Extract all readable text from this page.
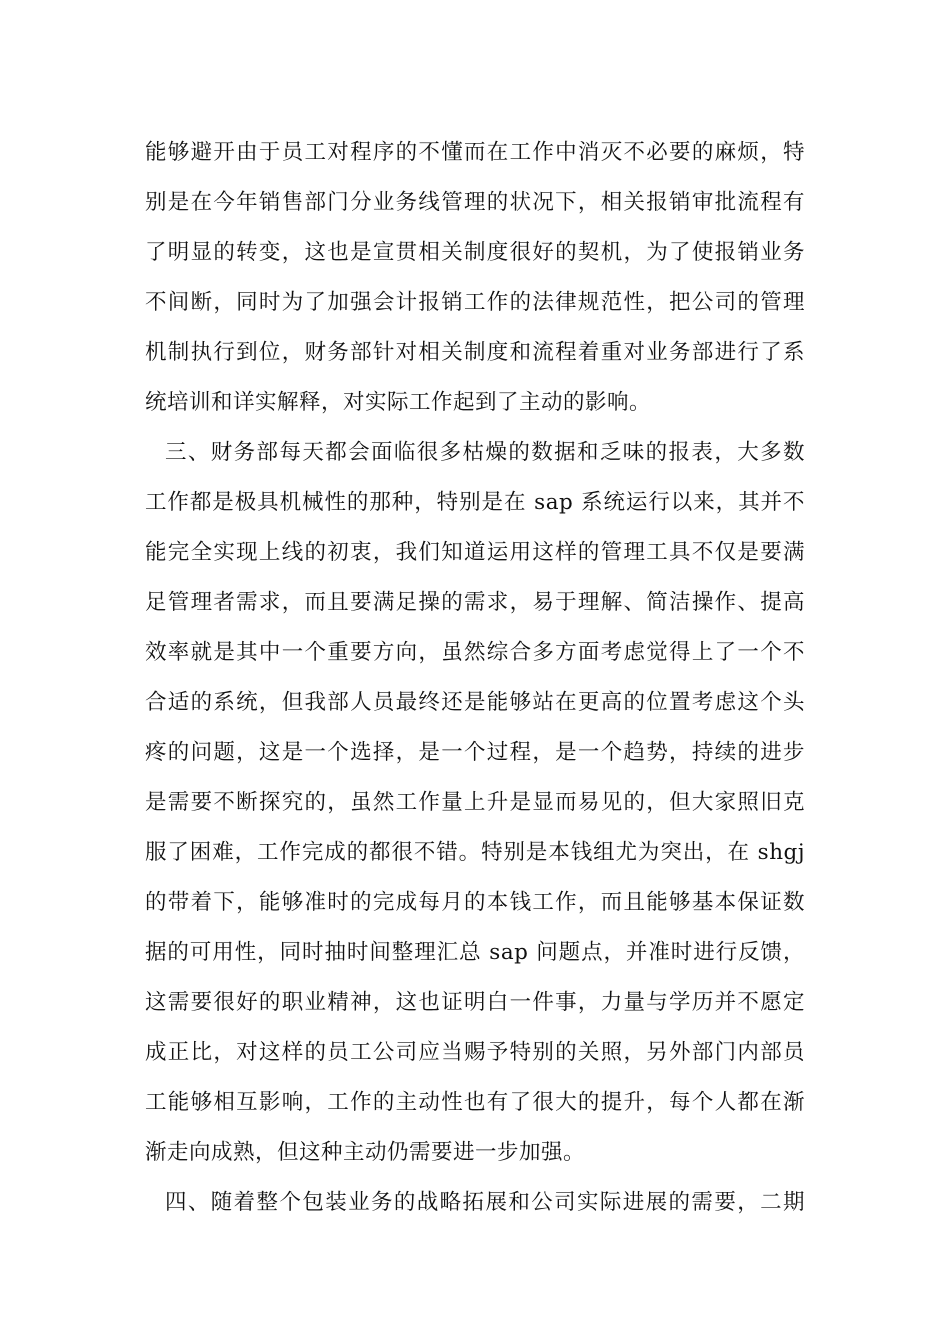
能够避开由于员工对程序的不懂而在工作中消灭不必要的麻烦，特
别是在今年销售部门分业务线管理的状况下，相关报销审批流程有
了明显的转变，这也是宣贯相关制度很好的契机，为了使报销业务
不间断，同时为了加强会计报销工作的法律规范性，把公司的管理
机制执行到位，财务部针对相关制度和流程着重对业务部进行了系
统培训和详实解释，对实际工作起到了主动的影响。
三、财务部每天都会面临很多枯燥的数据和乏味的报表，大多数
工作都是极具机械性的那种，特别是在 sap 系统运行以来，其并不
能完全实现上线的初衷，我们知道运用这样的管理工具不仅是要满
足管理者需求，而且要满足操的需求，易于理解、简洁操作、提高
效率就是其中一个重要方向，虽然综合多方面考虑觉得上了一个不
合适的系统，但我部人员最终还是能够站在更高的位置考虑这个头
疼的问题，这是一个选择，是一个过程，是一个趋势，持续的进步
是需要不断探究的，虽然工作量上升是显而易见的，但大家照旧克
服了困难，工作完成的都很不错。特别是本钱组尤为突出，在 shgj
的带着下，能够准时的完成每月的本钱工作，而且能够基本保证数
据的可用性，同时抽时间整理汇总 sap 问题点，并准时进行反馈，
这需要很好的职业精神，这也证明白一件事，力量与学历并不愿定
成正比，对这样的员工公司应当赐予特别的关照，另外部门内部员
工能够相互影响，工作的主动性也有了很大的提升，每个人都在渐
渐走向成熟，但这种主动仍需要进一步加强。
四、随着整个包装业务的战略拓展和公司实际进展的需要，二期
